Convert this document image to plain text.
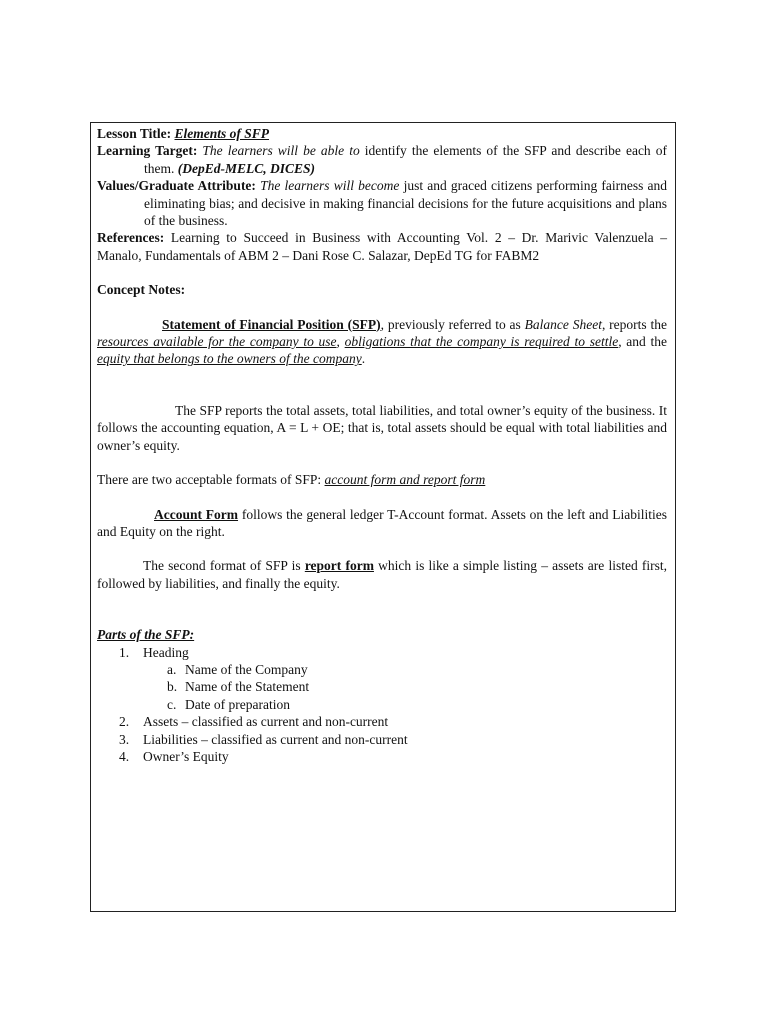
Lesson Title: Elements of SFP

Learning Target: The learners will be able to identify the elements of the SFP and describe each of them. (DepEd-MELC, DICES)

Values/Graduate Attribute: The learners will become just and graced citizens performing fairness and eliminating bias; and decisive in making financial decisions for the future acquisitions and plans of the business.

References: Learning to Succeed in Business with Accounting Vol. 2 – Dr. Marivic Valenzuela – Manalo, Fundamentals of ABM 2 – Dani Rose C. Salazar, DepEd TG for FABM2

Concept Notes:

Statement of Financial Position (SFP), previously referred to as Balance Sheet, reports the resources available for the company to use, obligations that the company is required to settle, and the equity that belongs to the owners of the company.

The SFP reports the total assets, total liabilities, and total owner’s equity of the business. It follows the accounting equation, A = L + OE; that is, total assets should be equal with total liabilities and owner’s equity.

There are two acceptable formats of SFP: account form and report form

Account Form follows the general ledger T-Account format. Assets on the left and Liabilities and Equity on the right.

The second format of SFP is report form which is like a simple listing – assets are listed first, followed by liabilities, and finally the equity.

Parts of the SFP:

1. Heading
a. Name of the Company
b. Name of the Statement
c. Date of preparation
2. Assets – classified as current and non-current
3. Liabilities – classified as current and non-current
4. Owner’s Equity
